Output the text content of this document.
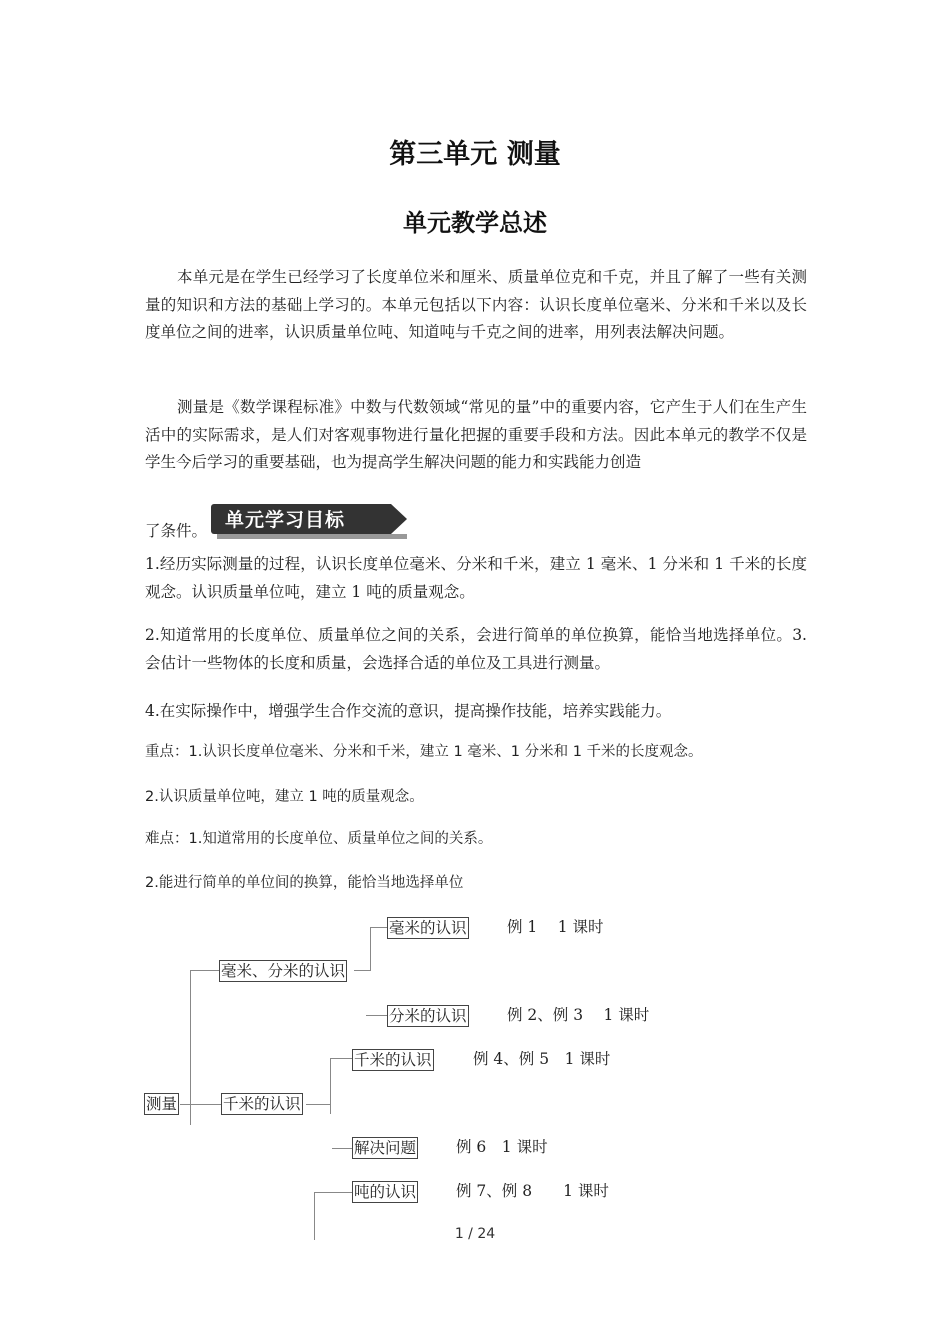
第三单元 测量
单元教学总述

本单元是在学生已经学习了长度单位米和厘米、质量单位克和千克，并且了解了一些有关测量的知识和方法的基础上学习的。本单元包括以下内容：认识长度单位毫米、分米和千米以及长度单位之间的进率，认识质量单位吨、知道吨与千克之间的进率，用列表法解决问题。

测量是《数学课程标准》中数与代数领域“常见的量”中的重要内容，它产生于人们在生产生活中的实际需求，是人们对客观事物进行量化把握的重要手段和方法。因此本单元的教学不仅是学生今后学习的重要基础，也为提高学生解决问题的能力和实践能力创造

了条件。 单元学习目标

1.经历实际测量的过程，认识长度单位毫米、分米和千米，建立 1 毫米、1 分米和 1 千米的长度观念。认识质量单位吨，建立 1 吨的质量观念。

2.知道常用的长度单位、质量单位之间的关系，会进行简单的单位换算，能恰当地选择单位。3.会估计一些物体的长度和质量，会选择合适的单位及工具进行测量。

4.在实际操作中，增强学生合作交流的意识，提高操作技能，培养实践能力。

重点：1.认识长度单位毫米、分米和千米，建立 1 毫米、1 分米和 1 千米的长度观念。

2.认识质量单位吨，建立 1 吨的质量观念。

难点：1.知道常用的长度单位、质量单位之间的关系。

2.能进行简单的单位间的换算，能恰当地选择单位

测量
毫米、分米的认识
千米的认识
毫米的认识	例 1　 1 课时
分米的认识	例 2、例 3　 1 课时
千米的认识	例 4、例 5　1 课时
解决问题	例 6　1 课时
吨的认识	例 7、例 8　　1 课时
1 / 24
